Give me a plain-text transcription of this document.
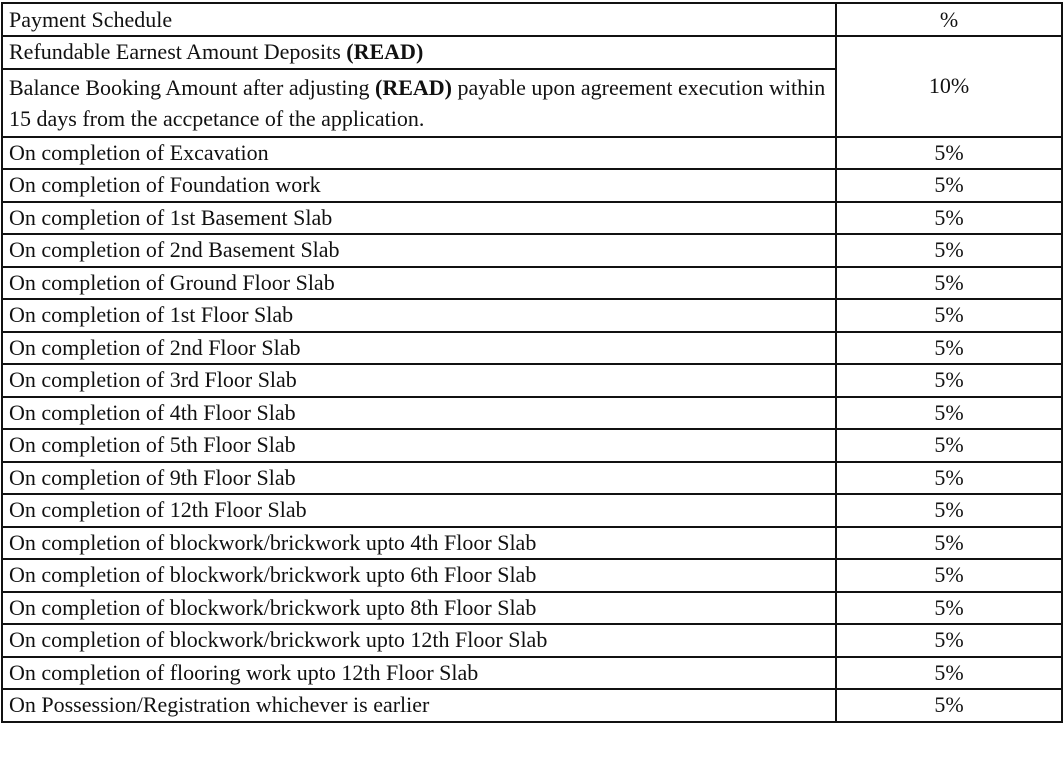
Payment Schedule	%
Refundable Earnest Amount Deposits (READ)	10%
Balance Booking Amount after adjusting (READ) payable upon agreement execution within 15 days from the accpetance of the application.	
On completion of Excavation	5%
On completion of Foundation work	5%
On completion of 1st Basement Slab	5%
On completion of 2nd Basement Slab	5%
On completion of Ground Floor Slab	5%
On completion of 1st Floor Slab	5%
On completion of 2nd Floor Slab	5%
On completion of 3rd Floor Slab	5%
On completion of 4th Floor Slab	5%
On completion of 5th Floor Slab	5%
On completion of 9th Floor Slab	5%
On completion of 12th Floor Slab	5%
On completion of blockwork/brickwork upto 4th Floor Slab	5%
On completion of blockwork/brickwork upto 6th Floor Slab	5%
On completion of blockwork/brickwork upto 8th Floor Slab	5%
On completion of blockwork/brickwork upto 12th Floor Slab	5%
On completion of flooring work upto 12th Floor Slab	5%
On Possession/Registration whichever is earlier	5%
